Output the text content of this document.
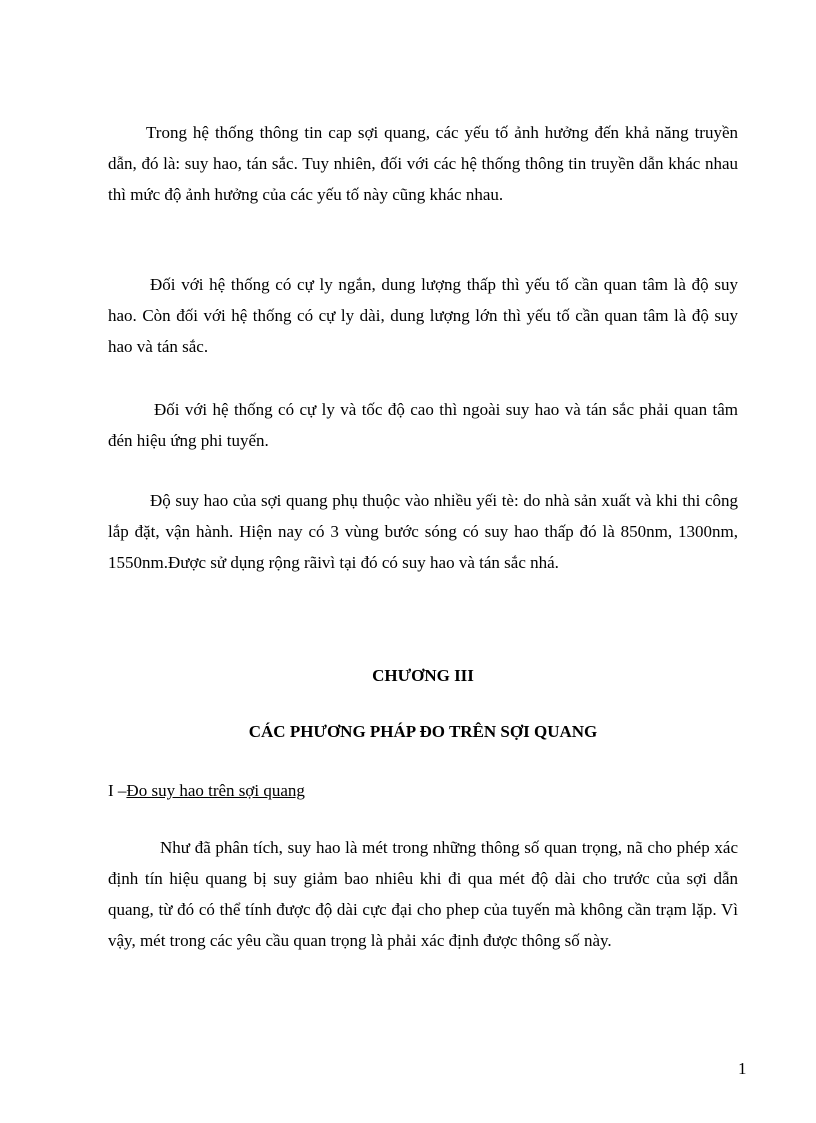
Trong hệ thống thông tin cap sợi quang, các yếu tố ảnh hưởng đến khả năng truyền dẫn, đó là: suy hao, tán sắc. Tuy nhiên, đối với các hệ thống thông tin truyền dẫn khác nhau thì mức độ ảnh hưởng của các yếu tố này cũng khác nhau.

Đối với hệ thống có cự ly ngắn, dung lượng thấp thì yếu tố cần quan tâm là độ suy hao. Còn đối với hệ thống có cự ly dài, dung lượng lớn thì yếu tố cần quan tâm là độ suy hao và tán sắc.

Đối với hệ thống có cự ly và tốc độ cao thì ngoài suy hao và tán sắc phải quan tâm đén hiệu ứng phi tuyến.

Độ suy hao của sợi quang phụ thuộc vào nhiều yếi tè: do nhà sản xuất và khi thi công lắp đặt, vận hành. Hiện nay có 3 vùng bước sóng có suy hao thấp đó là 850nm, 1300nm, 1550nm.Được sử dụng rộng rãivì tại đó có suy hao và tán sắc nhá.

CHƯƠNG III

CÁC PHƯƠNG PHÁP ĐO TRÊN SỢI QUANG

I –Đo suy hao trên sợi quang

Như đã phân tích, suy hao là mét trong những thông số quan trọng, nã cho phép xác định tín hiệu quang bị suy giảm bao nhiêu khi đi qua mét độ dài cho trước của sợi dẫn quang, từ đó có thể tính được độ dài cực đại cho phep của tuyến mà không cần trạm lặp. Vì vậy, mét trong các yêu cầu quan trọng là phải xác định được thông số này.

1
